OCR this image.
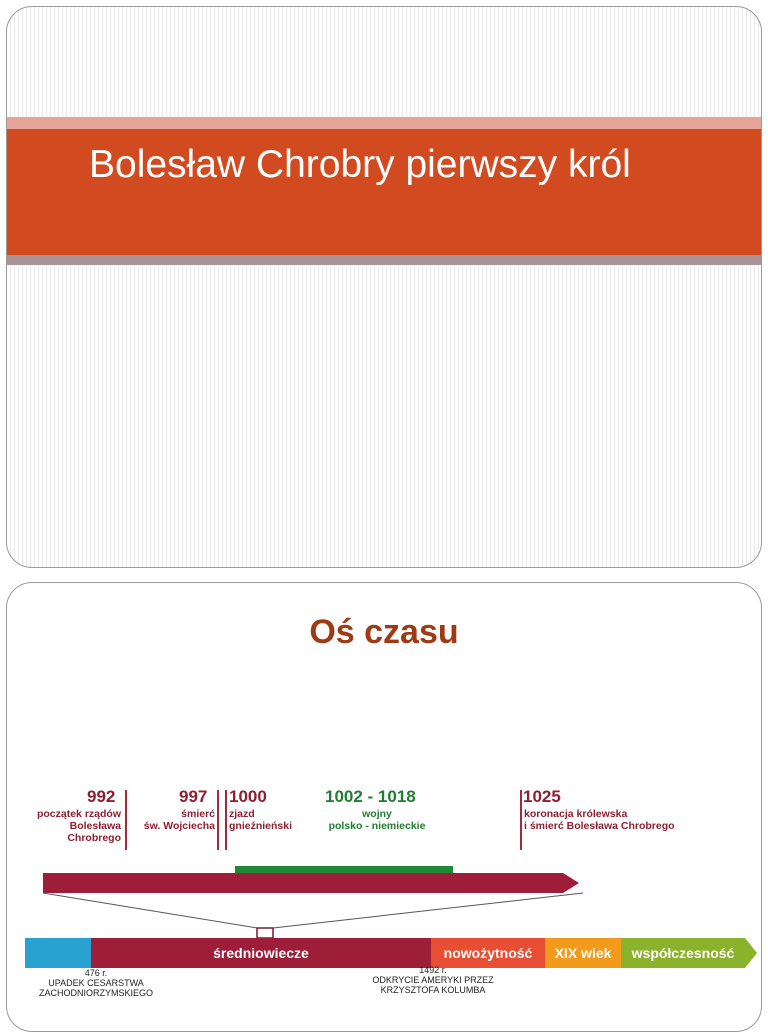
Bolesław Chrobry pierwszy król
Oś czasu
992
początek rządów
Bolesława
Chrobrego
997
śmierć
św. Wojciecha
1000
zjazd
gnieźnieński
1002 - 1018
wojny
polsko - niemieckie
1025
koronacja królewska
i śmierć Bolesława Chrobrego
średniowiecze	nowożytność	XIX wiek	współczesność
476 r.
UPADEK CESARSTWA
ZACHODNIORZYMSKIEGO
1492 r.
ODKRYCIE AMERYKI PRZEZ
KRZYSZTOFA KOLUMBA
